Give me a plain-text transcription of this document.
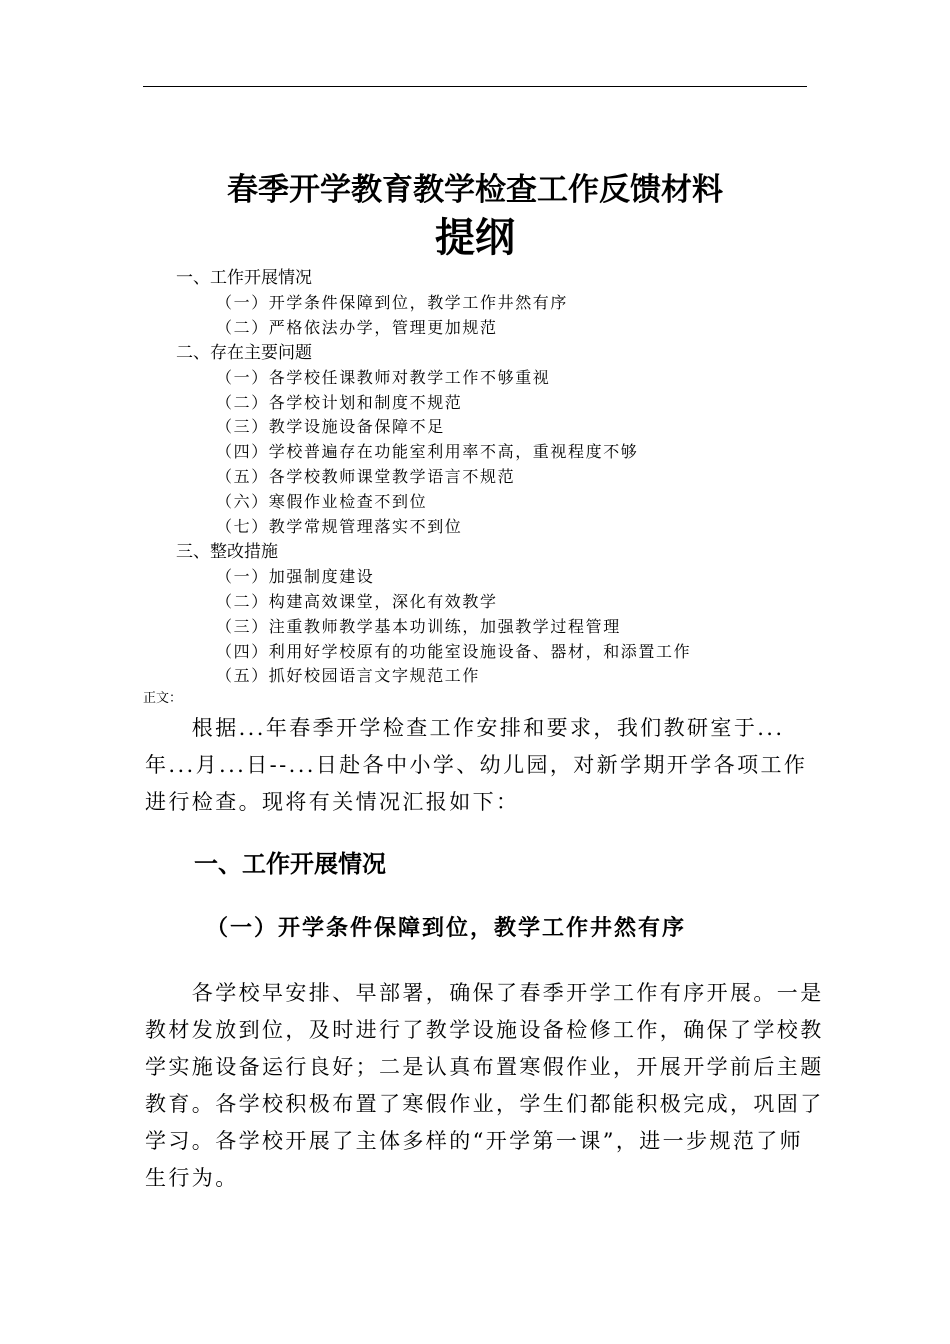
春季开学教育教学检查工作反馈材料
提纲
一、工作开展情况
（一）开学条件保障到位，教学工作井然有序
（二）严格依法办学，管理更加规范
二、存在主要问题
（一）各学校任课教师对教学工作不够重视
（二）各学校计划和制度不规范
（三）教学设施设备保障不足
（四）学校普遍存在功能室利用率不高，重视程度不够
（五）各学校教师课堂教学语言不规范
（六）寒假作业检查不到位
（七）教学常规管理落实不到位
三、整改措施
（一）加强制度建设
（二）构建高效课堂，深化有效教学
（三）注重教师教学基本功训练，加强教学过程管理
（四）利用好学校原有的功能室设施设备、器材，和添置工作
（五）抓好校园语言文字规范工作
正文：
　　根据...年春季开学检查工作安排和要求，我们教研室于...
年...月...日--...日赴各中小学、幼儿园，对新学期开学各项工作
进行检查。现将有关情况汇报如下：
一、工作开展情况
（一）开学条件保障到位，教学工作井然有序
　　各学校早安排、早部署，确保了春季开学工作有序开展。一是
教材发放到位，及时进行了教学设施设备检修工作，确保了学校教
学实施设备运行良好；二是认真布置寒假作业，开展开学前后主题
教育。各学校积极布置了寒假作业，学生们都能积极完成，巩固了
学习。各学校开展了主体多样的“开学第一课”，进一步规范了师
生行为。
